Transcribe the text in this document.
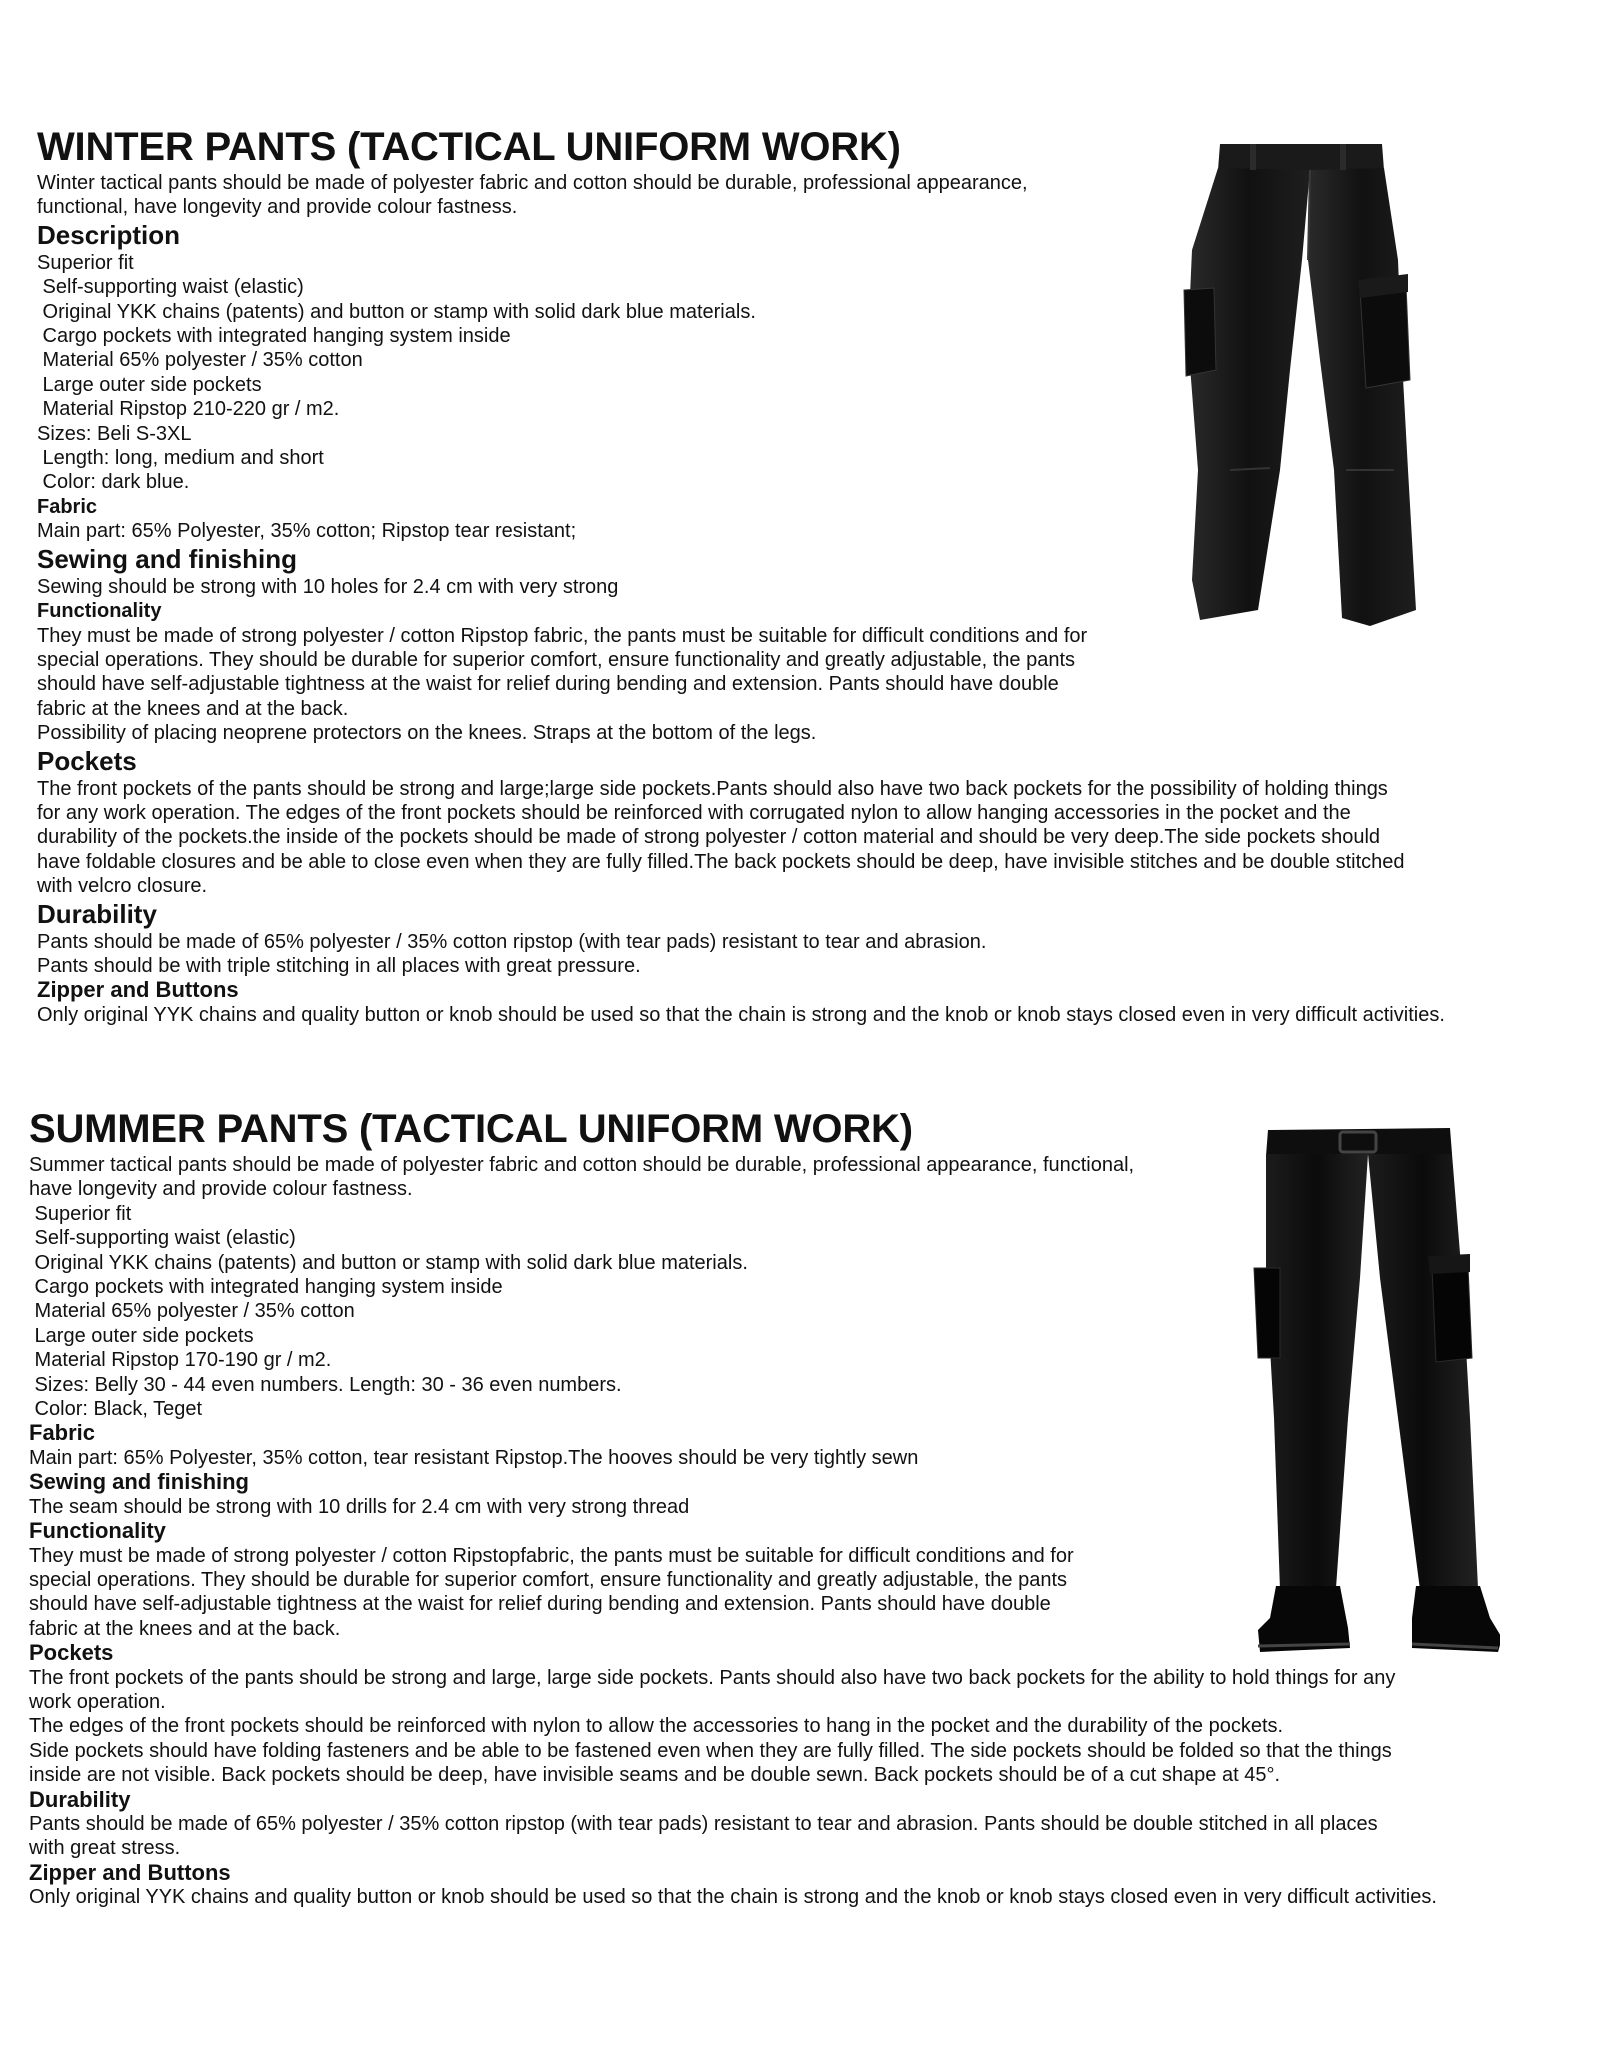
WINTER PANTS (TACTICAL UNIFORM WORK)
Winter tactical pants should be made of polyester fabric and cotton should be durable, professional appearance,
functional, have longevity and provide colour fastness.
Description
Superior fit
Self-supporting waist (elastic)
Original YKK chains (patents) and button or stamp with solid dark blue materials.
Cargo pockets with integrated hanging system inside
Material 65% polyester / 35% cotton
Large outer side pockets
Material Ripstop 210-220 gr / m2.
Sizes: Beli S-3XL
Length: long, medium and short
Color: dark blue.
Fabric
Main part: 65% Polyester, 35% cotton; Ripstop tear resistant;
Sewing and finishing
Sewing should be strong with 10 holes for 2.4 cm with very strong
Functionality
They must be made of strong polyester / cotton Ripstop fabric, the pants must be suitable for difficult conditions and for
special operations. They should be durable for superior comfort, ensure functionality and greatly adjustable, the pants
should have self-adjustable tightness at the waist for relief during bending and extension. Pants should have double
fabric at the knees and at the back.
Possibility of placing neoprene protectors on the knees. Straps at the bottom of the legs.
Pockets
The front pockets of the pants should be strong and large;large side pockets.Pants should also have two back pockets for the possibility of holding things
for any work operation. The edges of the front pockets should be reinforced with corrugated nylon to allow hanging accessories in the pocket and the
durability of the pockets.the inside of the pockets should be made of strong polyester / cotton material and should be very deep.The side pockets should
have foldable closures and be able to close even when they are fully filled.The back pockets should be deep, have invisible stitches and be double stitched
with velcro closure.
Durability
Pants should be made of 65% polyester / 35% cotton ripstop (with tear pads) resistant to tear and abrasion.
Pants should be with triple stitching in all places with great pressure.
Zipper and Buttons
Only original YYK chains and quality button or knob should be used so that the chain is strong and the knob or knob stays closed even in very difficult activities.
SUMMER PANTS (TACTICAL UNIFORM WORK)
Summer tactical pants should be made of polyester fabric and cotton should be durable, professional appearance, functional,
have longevity and provide colour fastness.
Superior fit
Self-supporting waist (elastic)
Original YKK chains (patents) and button or stamp with solid dark blue materials.
Cargo pockets with integrated hanging system inside
Material 65% polyester / 35% cotton
Large outer side pockets
Material Ripstop 170-190 gr / m2.
Sizes: Belly 30 - 44 even numbers. Length: 30 - 36 even numbers.
Color: Black, Teget
Fabric
Main part: 65% Polyester, 35% cotton, tear resistant Ripstop.The hooves should be very tightly sewn
Sewing and finishing
The seam should be strong with 10 drills for 2.4 cm with very strong thread
Functionality
They must be made of strong polyester / cotton Ripstopfabric, the pants must be suitable for difficult conditions and for
special operations. They should be durable for superior comfort, ensure functionality and greatly adjustable, the pants
should have self-adjustable tightness at the waist for relief during bending and extension. Pants should have double
fabric at the knees and at the back.
Pockets
The front pockets of the pants should be strong and large, large side pockets. Pants should also have two back pockets for the ability to hold things for any
work operation.
The edges of the front pockets should be reinforced with nylon to allow the accessories to hang in the pocket and the durability of the pockets.
Side pockets should have folding fasteners and be able to be fastened even when they are fully filled. The side pockets should be folded so that the things
inside are not visible. Back pockets should be deep, have invisible seams and be double sewn. Back pockets should be of a cut shape at 45°.
Durability
Pants should be made of 65% polyester / 35% cotton ripstop (with tear pads) resistant to tear and abrasion. Pants should be double stitched in all places
with great stress.
Zipper and Buttons
Only original YYK chains and quality button or knob should be used so that the chain is strong and the knob or knob stays closed even in very difficult activities.
